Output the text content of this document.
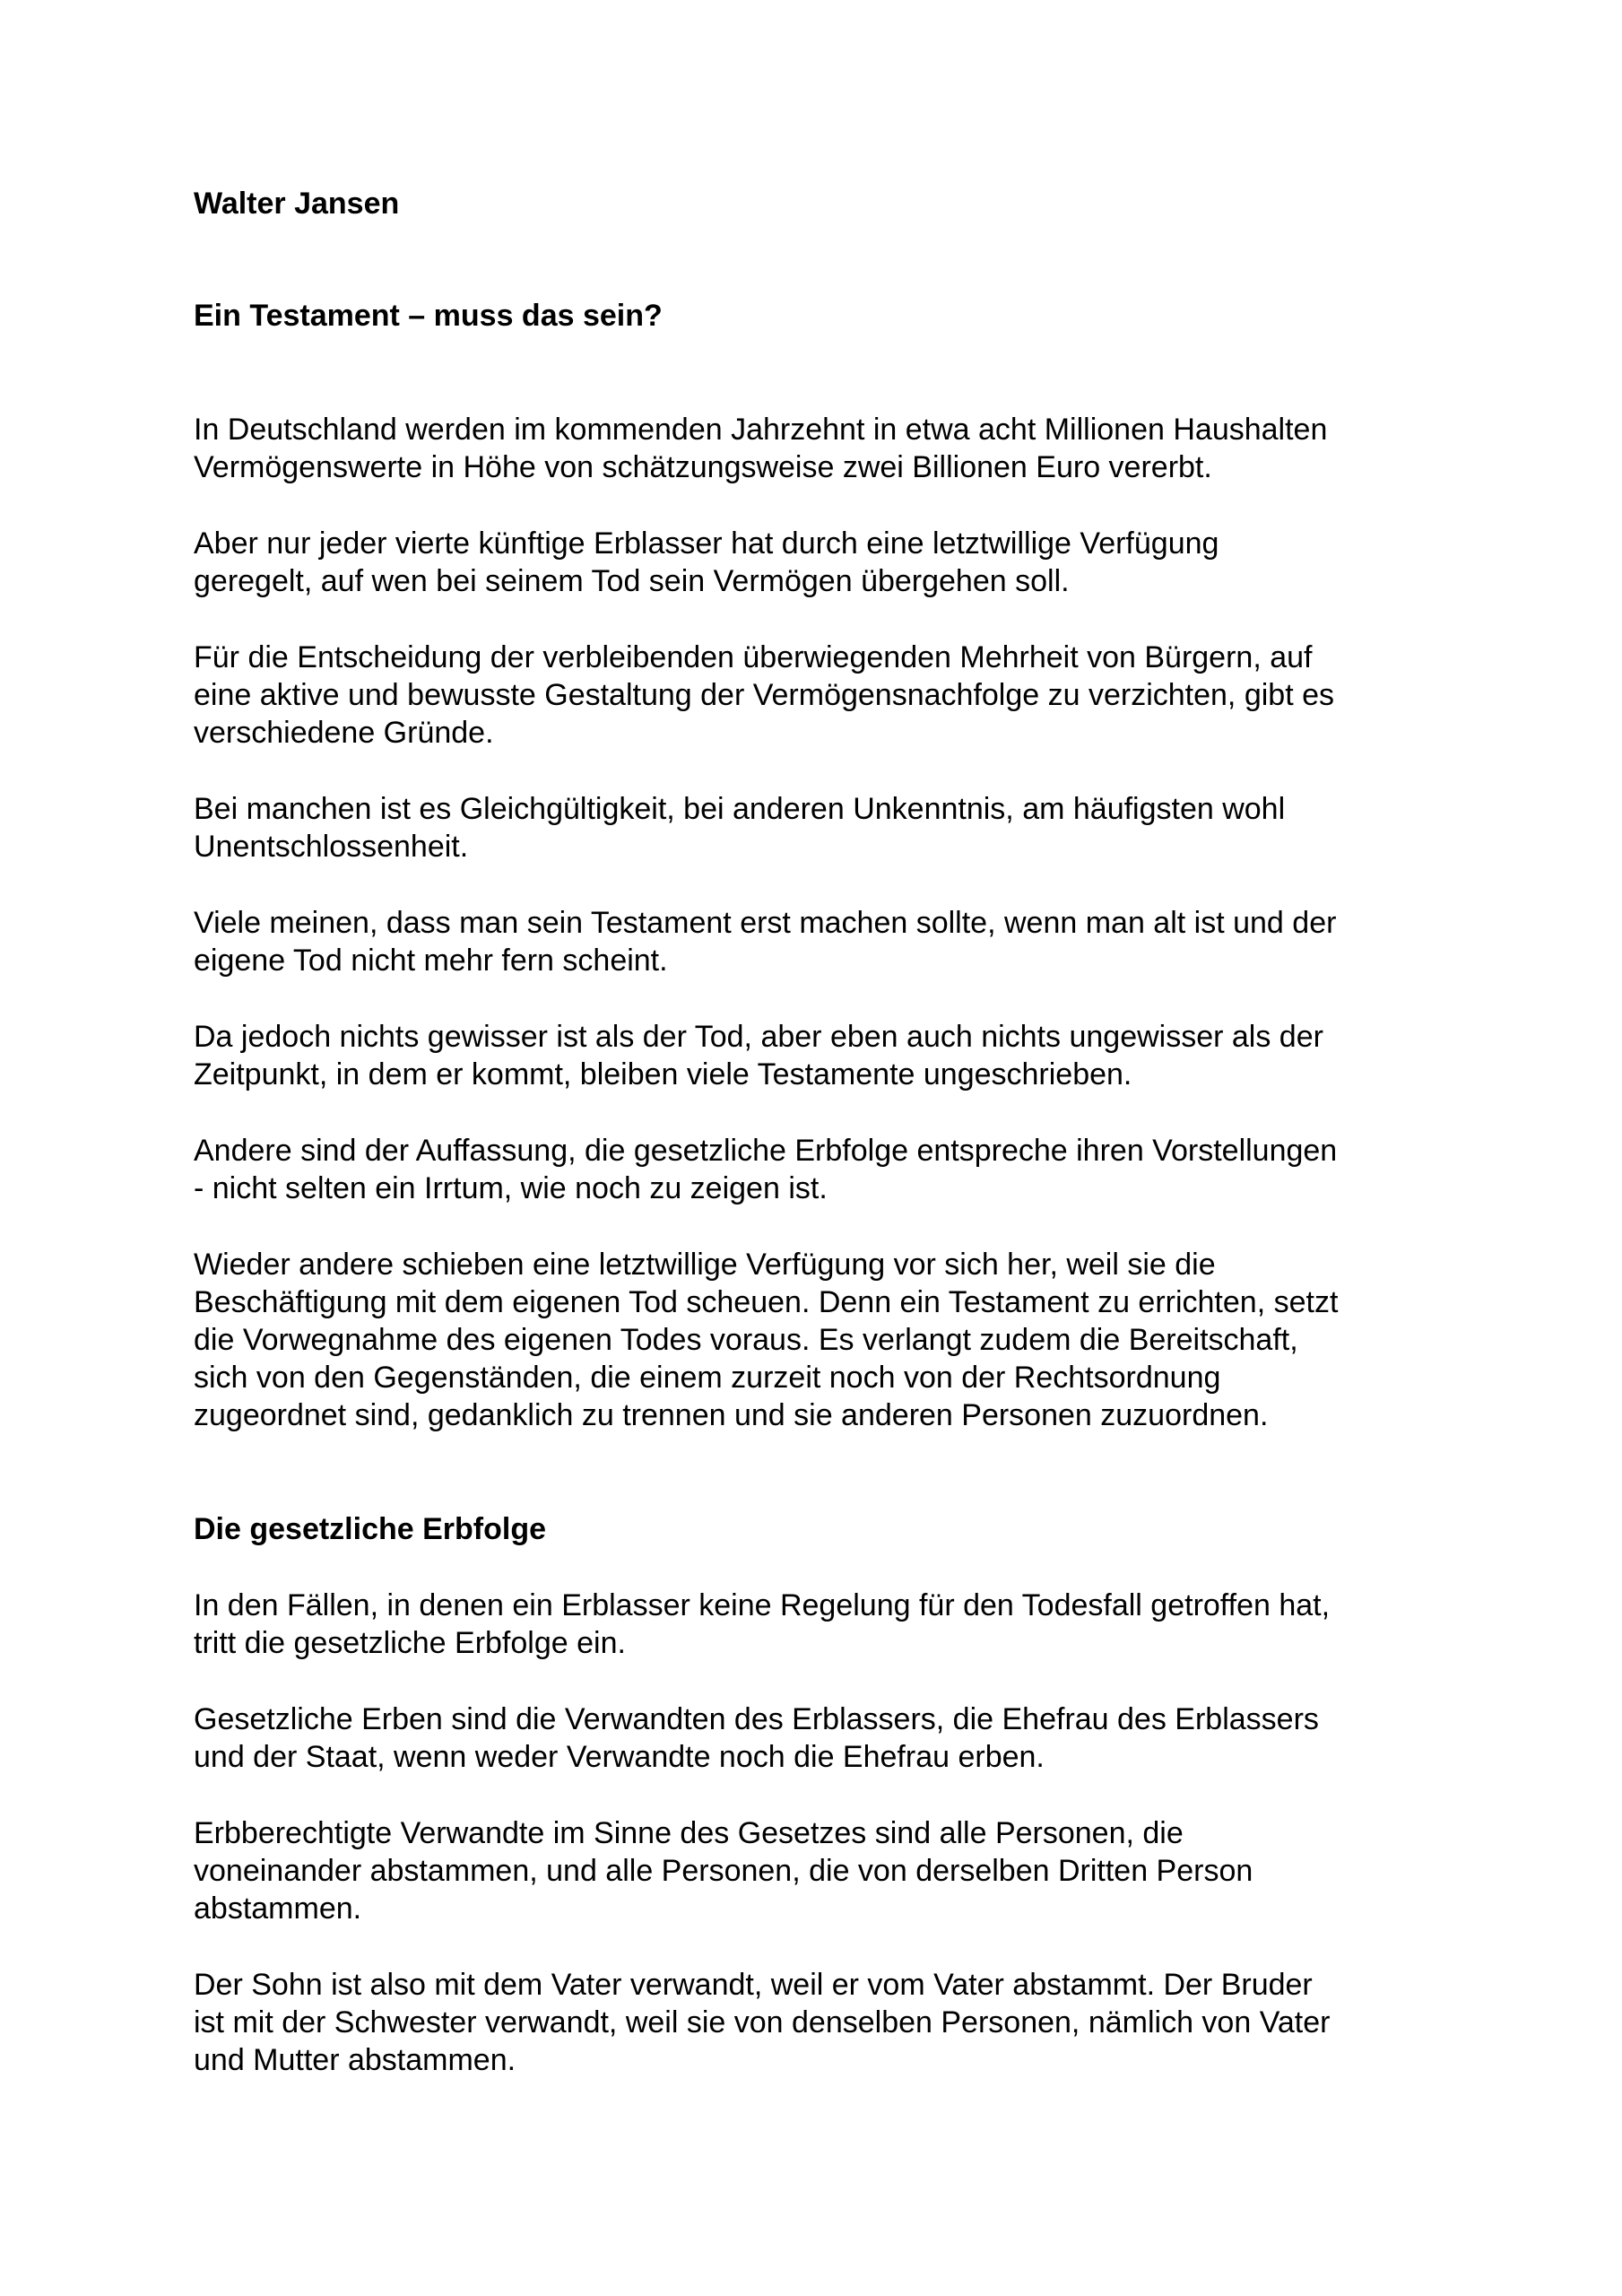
Walter Jansen
Ein Testament – muss das sein?

In Deutschland werden im kommenden Jahrzehnt in etwa acht Millionen Haushalten
Vermögenswerte in Höhe von schätzungsweise zwei Billionen Euro vererbt.

Aber nur jeder vierte künftige Erblasser hat durch eine letztwillige Verfügung
geregelt, auf wen bei seinem Tod sein Vermögen übergehen soll.

Für die Entscheidung der verbleibenden überwiegenden Mehrheit von Bürgern, auf
eine aktive und bewusste Gestaltung der Vermögensnachfolge zu verzichten, gibt es
verschiedene Gründe.

Bei manchen ist es Gleichgültigkeit, bei anderen Unkenntnis, am häufigsten wohl
Unentschlossenheit.

Viele meinen, dass man sein Testament erst machen sollte, wenn man alt ist und der
eigene Tod nicht mehr fern scheint.

Da jedoch nichts gewisser ist als der Tod, aber eben auch nichts ungewisser als der
Zeitpunkt, in dem er kommt, bleiben viele Testamente ungeschrieben.

Andere sind der Auffassung, die gesetzliche Erbfolge entspreche ihren Vorstellungen
- nicht selten ein Irrtum, wie noch zu zeigen ist.

Wieder andere schieben eine letztwillige Verfügung vor sich her, weil sie die
Beschäftigung mit dem eigenen Tod scheuen. Denn ein Testament zu errichten, setzt
die Vorwegnahme des eigenen Todes voraus. Es verlangt zudem die Bereitschaft,
sich von den Gegenständen, die einem zurzeit noch von der Rechtsordnung
zugeordnet sind, gedanklich zu trennen und sie anderen Personen zuzuordnen.

Die gesetzliche Erbfolge

In den Fällen, in denen ein Erblasser keine Regelung für den Todesfall getroffen hat,
tritt die gesetzliche Erbfolge ein.

Gesetzliche Erben sind die Verwandten des Erblassers, die Ehefrau des Erblassers
und der Staat, wenn weder Verwandte noch die Ehefrau erben.

Erbberechtigte Verwandte im Sinne des Gesetzes sind alle Personen, die
voneinander abstammen, und alle Personen, die von derselben Dritten Person
abstammen.

Der Sohn ist also mit dem Vater verwandt, weil er vom Vater abstammt. Der Bruder
ist mit der Schwester verwandt, weil sie von denselben Personen, nämlich von Vater
und Mutter abstammen.
